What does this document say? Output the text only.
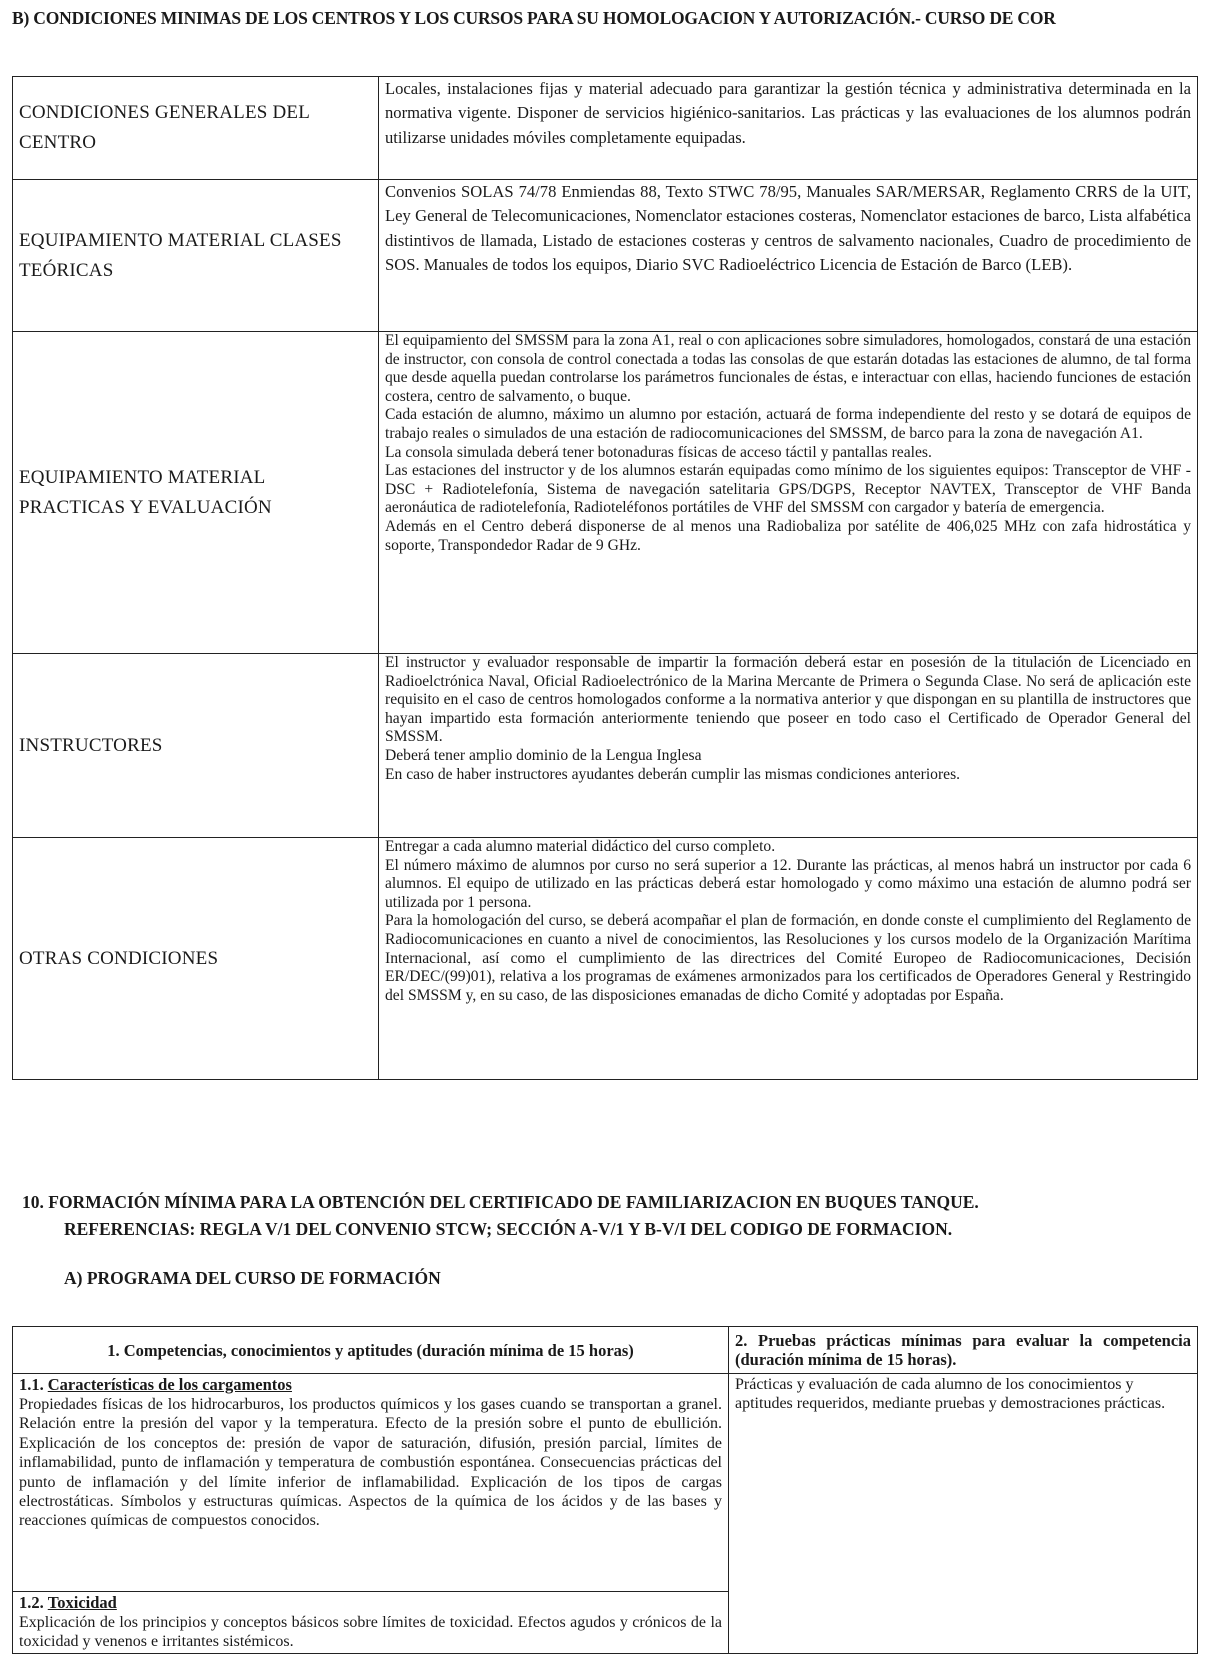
B) CONDICIONES MINIMAS DE LOS CENTROS Y LOS CURSOS PARA SU HOMOLOGACION Y AUTORIZACIÓN.- CURSO DE COR
CONDICIONES GENERALES DEL CENTRO	Locales, instalaciones fijas y material adecuado para garantizar la gestión técnica y administrativa determinada en la normativa vigente. Disponer de servicios higiénico-sanitarios. Las prácticas y las evaluaciones de los alumnos podrán utilizarse unidades móviles completamente equipadas.

EQUIPAMIENTO MATERIAL CLASES TEÓRICAS	Convenios SOLAS 74/78 Enmiendas 88, Texto STWC 78/95, Manuales SAR/MERSAR, Reglamento CRRS de la UIT, Ley General de Telecomunicaciones, Nomenclator estaciones costeras, Nomenclator estaciones de barco, Lista alfabética distintivos de llamada, Listado de estaciones costeras y centros de salvamento nacionales, Cuadro de procedimiento de SOS. Manuales de todos los equipos, Diario SVC Radioeléctrico Licencia de Estación de Barco (LEB).

EQUIPAMIENTO MATERIAL PRACTICAS Y EVALUACIÓN	El equipamiento del SMSSM para la zona A1, real o con aplicaciones sobre simuladores, homologados, constará de una estación de instructor, con consola de control conectada a todas las consolas de que estarán dotadas las estaciones de alumno, de tal forma que desde aquella puedan controlarse los parámetros funcionales de éstas, e interactuar con ellas, haciendo funciones de estación costera, centro de salvamento, o buque.

Cada estación de alumno, máximo un alumno por estación, actuará de forma independiente del resto y se dotará de equipos de trabajo reales o simulados de una estación de radiocomunicaciones del SMSSM, de barco para la zona de navegación A1.

La consola simulada deberá tener botonaduras físicas de acceso táctil y pantallas reales.

Las estaciones del instructor y de los alumnos estarán equipadas como mínimo de los siguientes equipos: Transceptor de VHF -DSC + Radiotelefonía, Sistema de navegación satelitaria GPS/DGPS, Receptor NAVTEX, Transceptor de VHF Banda aeronáutica de radiotelefonía, Radioteléfonos portátiles de VHF del SMSSM con cargador y batería de emergencia.

Además en el Centro deberá disponerse de al menos una Radiobaliza por satélite de 406,025 MHz con zafa hidrostática y soporte, Transpondedor Radar de 9 GHz.

INSTRUCTORES	El instructor y evaluador responsable de impartir la formación deberá estar en posesión de la titulación de Licenciado en Radioelctrónica Naval, Oficial Radioelectrónico de la Marina Mercante de Primera o Segunda Clase. No será de aplicación este requisito en el caso de centros homologados conforme a la normativa anterior y que dispongan en su plantilla de instructores que hayan impartido esta formación anteriormente teniendo que poseer en todo caso el Certificado de Operador General del SMSSM.

Deberá tener amplio dominio de la Lengua Inglesa

En caso de haber instructores ayudantes deberán cumplir las mismas condiciones anteriores.

OTRAS CONDICIONES	Entregar a cada alumno material didáctico del curso completo.

El número máximo de alumnos por curso no será superior a 12. Durante las prácticas, al menos habrá un instructor por cada 6 alumnos. El equipo de utilizado en las prácticas deberá estar homologado y como máximo una estación de alumno podrá ser utilizada por 1 persona.

Para la homologación del curso, se deberá acompañar el plan de formación, en donde conste el cumplimiento del Reglamento de Radiocomunicaciones en cuanto a nivel de conocimientos, las Resoluciones y los cursos modelo de la Organización Marítima Internacional, así como el cumplimiento de las directrices del Comité Europeo de Radiocomunicaciones, Decisión ER/DEC/(99)01), relativa a los programas de exámenes armonizados para los certificados de Operadores General y Restringido del SMSSM y, en su caso, de las disposiciones emanadas de dicho Comité y adoptadas por España.

10. FORMACIÓN MÍNIMA PARA LA OBTENCIÓN DEL CERTIFICADO DE FAMILIARIZACION EN BUQUES TANQUE.
REFERENCIAS: REGLA V/1 DEL CONVENIO STCW; SECCIÓN A-V/1 Y B-V/I DEL CODIGO DE FORMACION.
A) PROGRAMA DEL CURSO DE FORMACIÓN
1. Competencias, conocimientos y aptitudes (duración mínima de 15 horas)	2. Pruebas prácticas mínimas para evaluar la competencia (duración mínima de 15 horas).

1.1. Características de los cargamentos
Propiedades físicas de los hidrocarburos, los productos químicos y los gases cuando se transportan a granel. Relación entre la presión del vapor y la temperatura. Efecto de la presión sobre el punto de ebullición. Explicación de los conceptos de: presión de vapor de saturación, difusión, presión parcial, límites de inflamabilidad, punto de inflamación y temperatura de combustión espontánea. Consecuencias prácticas del punto de inflamación y del límite inferior de inflamabilidad. Explicación de los tipos de cargas electrostáticas. Símbolos y estructuras químicas. Aspectos de la química de los ácidos y de las bases y reacciones químicas de compuestos conocidos.	Prácticas y evaluación de cada alumno de los conocimientos y aptitudes requeridos, mediante pruebas y demostraciones prácticas.

1.2. Toxicidad
Explicación de los principios y conceptos básicos sobre límites de toxicidad. Efectos agudos y crónicos de la toxicidad y venenos e irritantes sistémicos.	
